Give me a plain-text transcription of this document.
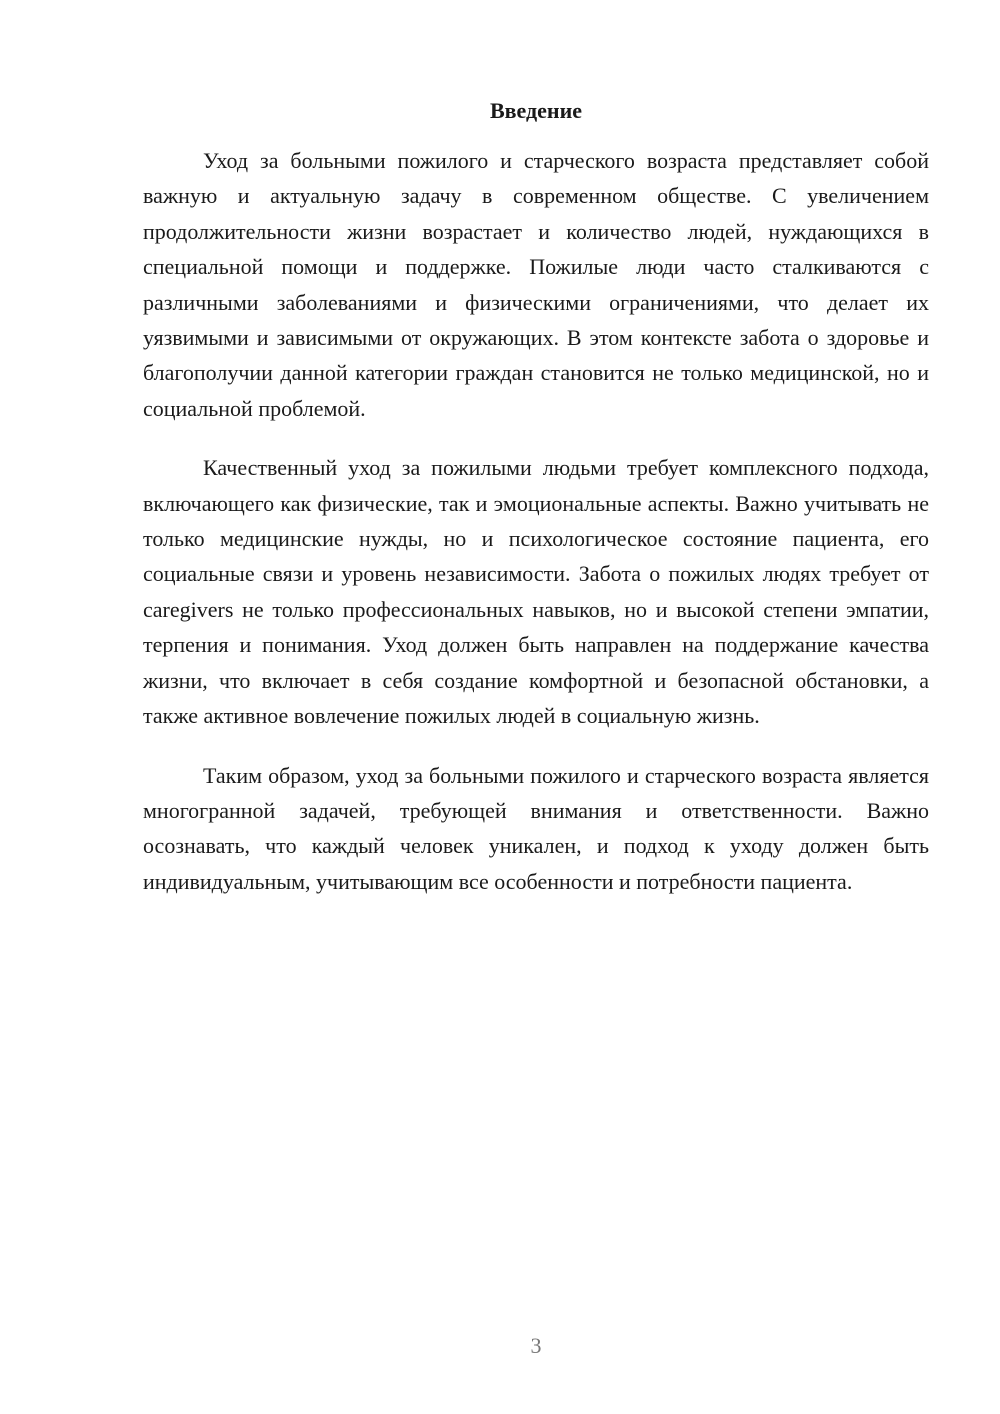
Введение

Уход за больными пожилого и старческого возраста представляет собой важную и актуальную задачу в современном обществе. С увеличением продолжительности жизни возрастает и количество людей, нуждающихся в специальной помощи и поддержке. Пожилые люди часто сталкиваются с различными заболеваниями и физическими ограничениями, что делает их уязвимыми и зависимыми от окружающих. В этом контексте забота о здоровье и благополучии данной категории граждан становится не только медицинской, но и социальной проблемой.

Качественный уход за пожилыми людьми требует комплексного подхода, включающего как физические, так и эмоциональные аспекты. Важно учитывать не только медицинские нужды, но и психологическое состояние пациента, его социальные связи и уровень независимости. Забота о пожилых людях требует от caregivers не только профессиональных навыков, но и высокой степени эмпатии, терпения и понимания. Уход должен быть направлен на поддержание качества жизни, что включает в себя создание комфортной и безопасной обстановки, а также активное вовлечение пожилых людей в социальную жизнь.

Таким образом, уход за больными пожилого и старческого возраста является многогранной задачей, требующей внимания и ответственности. Важно осознавать, что каждый человек уникален, и подход к уходу должен быть индивидуальным, учитывающим все особенности и потребности пациента.

3
